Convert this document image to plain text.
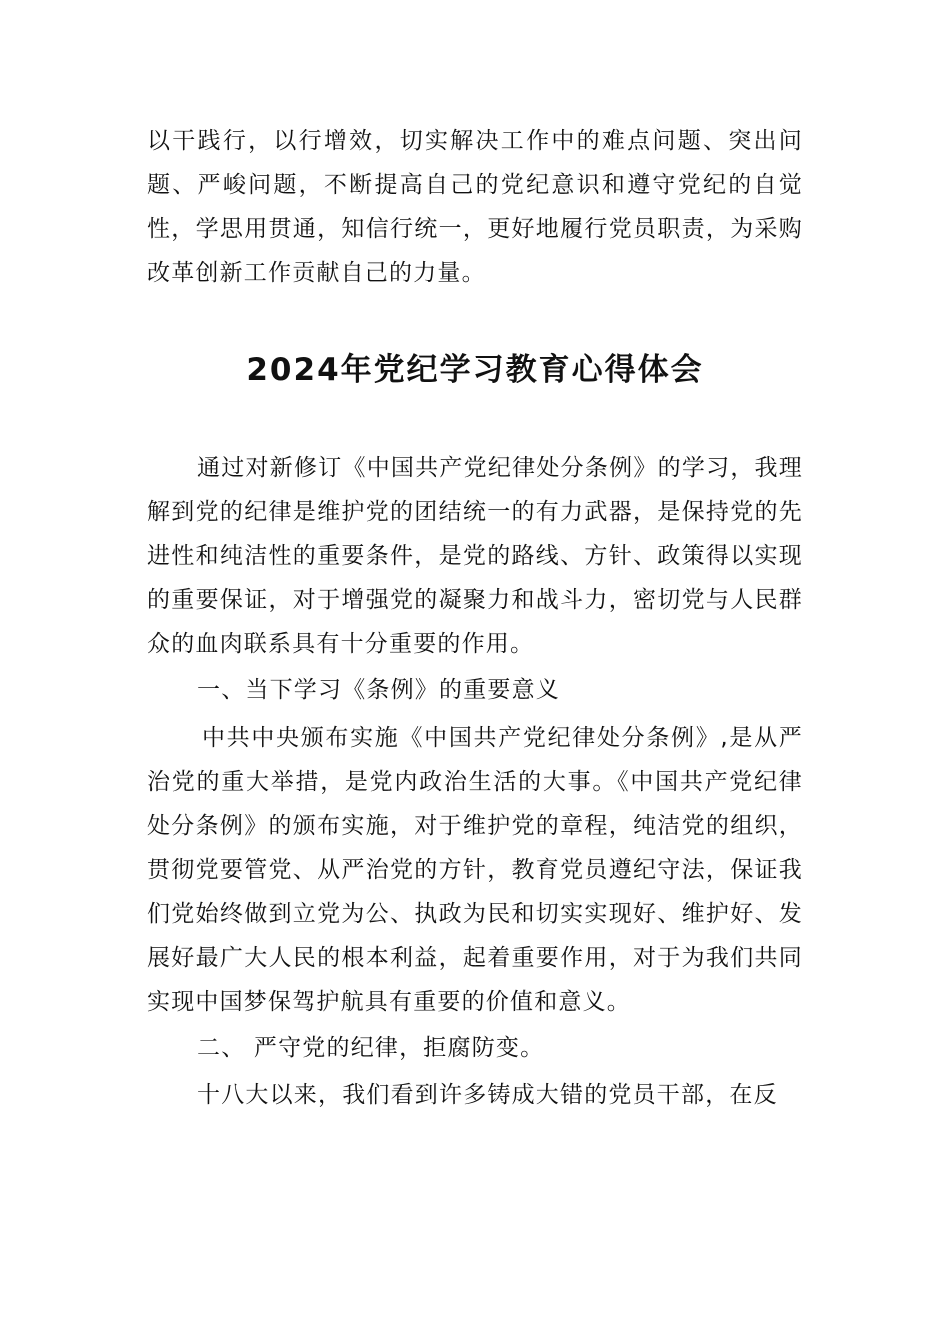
以干践行，以行增效，切实解决工作中的难点问题、突出问题、严峻问题，不断提高自己的党纪意识和遵守党纪的自觉性，学思用贯通，知信行统一，更好地履行党员职责，为采购改革创新工作贡献自己的力量。

2024年党纪学习教育心得体会

通过对新修订《中国共产党纪律处分条例》的学习，我理解到党的纪律是维护党的团结统一的有力武器，是保持党的先进性和纯洁性的重要条件，是党的路线、方针、政策得以实现的重要保证，对于增强党的凝聚力和战斗力，密切党与人民群众的血肉联系具有十分重要的作用。

一、当下学习《条例》的重要意义

中共中央颁布实施《中国共产党纪律处分条例》,是从严治党的重大举措，是党内政治生活的大事。《中国共产党纪律处分条例》的颁布实施，对于维护党的章程，纯洁党的组织，贯彻党要管党、从严治党的方针，教育党员遵纪守法，保证我们党始终做到立党为公、执政为民和切实实现好、维护好、发展好最广大人民的根本利益，起着重要作用，对于为我们共同实现中国梦保驾护航具有重要的价值和意义。

二、 严守党的纪律，拒腐防变。

十八大以来，我们看到许多铸成大错的党员干部，在反
